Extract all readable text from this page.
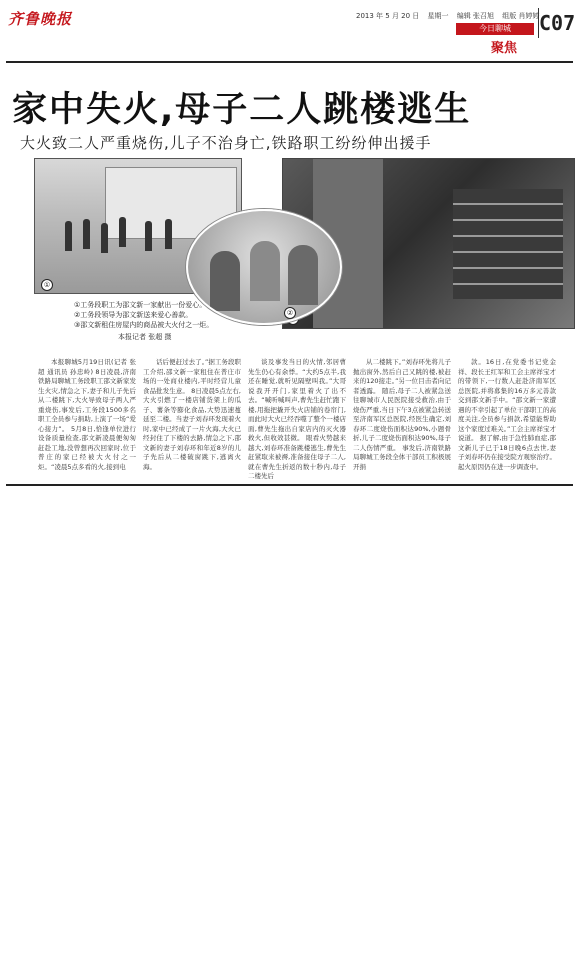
齐鲁晚报	2013 年 5 月 20 日 星期一 编辑 张召旭 组版 肖婷婷
今日聊城
聚焦
C07
家中失火,母子二人跳楼逃生
大火致二人严重烧伤,儿子不治身亡,铁路职工纷纷伸出援手
①
②
①工务段职工为邵文新一家献出一份爱心。
②工务段领导为邵文新送来爱心善款。
③邵文新租住房屋内的商品被大火付之一炬。
本报记者 张超 摄

本报聊城5月19日讯(记者 张超 通讯员 孙忠岭) 8日凌晨,济南铁路局聊城工务段职工邵文新家发生火灾,情急之下,妻子和儿子先后从二楼跳下,大火导致母子两人严重烧伤,事发后,工务段1500多名职工全员参与捐助,上演了一场“爱心接力”。 5月8日,恰逢单位进行设备质量检查,邵文新凌晨便匆匆赶赴工地,没曾想再次回家时,位于普庄的家已经被大火付之一炬。“凌晨5点多看的火,接到电

话后便赶过去了。”据工务段职工介绍,邵文新一家租住在普庄市场的一处商业楼内,平时经营儿童食品批发生意。 8日凌晨5点左右,大火引燃了一楼店铺货架上的瓜子、薯条等膨化食品,大势迅速蔓延至二楼。当妻子刘春环发现着火时,家中已经成了一片火海,大火已经封住了下楼的去路,情急之下,邵文新的妻子刘春环和年近8岁的儿子先后从二楼破窗跳下,逃离火海。

谈及事发当日的火情,邻居曹先生仍心有余悸。“大约5点半,我还在睡觉,就听见隔壁叫我。”大哥说我开开门,家里着火了出不去。“喊听喊叫声,曹先生赶忙跑下楼,用拖把撬开失火店铺的卷帘门,而此时大火已经吞噬了整个一楼店面,曹先生拖出自家店内的灭火器救火,但收效甚微。 眼看火势越来越大,刘春环准备跳楼逃生,曹先生赶紧取来被褥,准备接住母子二人,就在曹先生折返的数十秒内,母子二楼先后

从二楼跳下。”刘春环先将儿子抛出窗外,然后自己又跳的楼,被赶来的120接走。”另一位目击者向记者透露。 随后,母子二人被紧急送往聊城市人民医院接受救治,由于烧伤严重,当日下午3点被紧急转送至济南军区总医院,经医生确定,刘春环二度烧伤面积达90%,小题骨折,儿子二度烧伤面积达90%,母子二人伤情严重。 事发后,济南铁路局聊城工务段全体干部员工积极展开捐

款。16日,在党委书记党金祥、段长王红军和工会主席祥宝才的带领下,一行数人赶赴济南军区总医院,并将募集的16万多元善款交到邵文新手中。“邵文新一家遭遇的不幸引起了单位干部职工的高度关注,全员参与捐款,希望能帮助这个家度过难关。”工会主席祥宝才说道。 据了解,由于急性肺血症,邵文新儿子已于18日晚6点去世,妻子刘春环仍在接受院方观察治疗。起火原因仍在进一步调查中。
